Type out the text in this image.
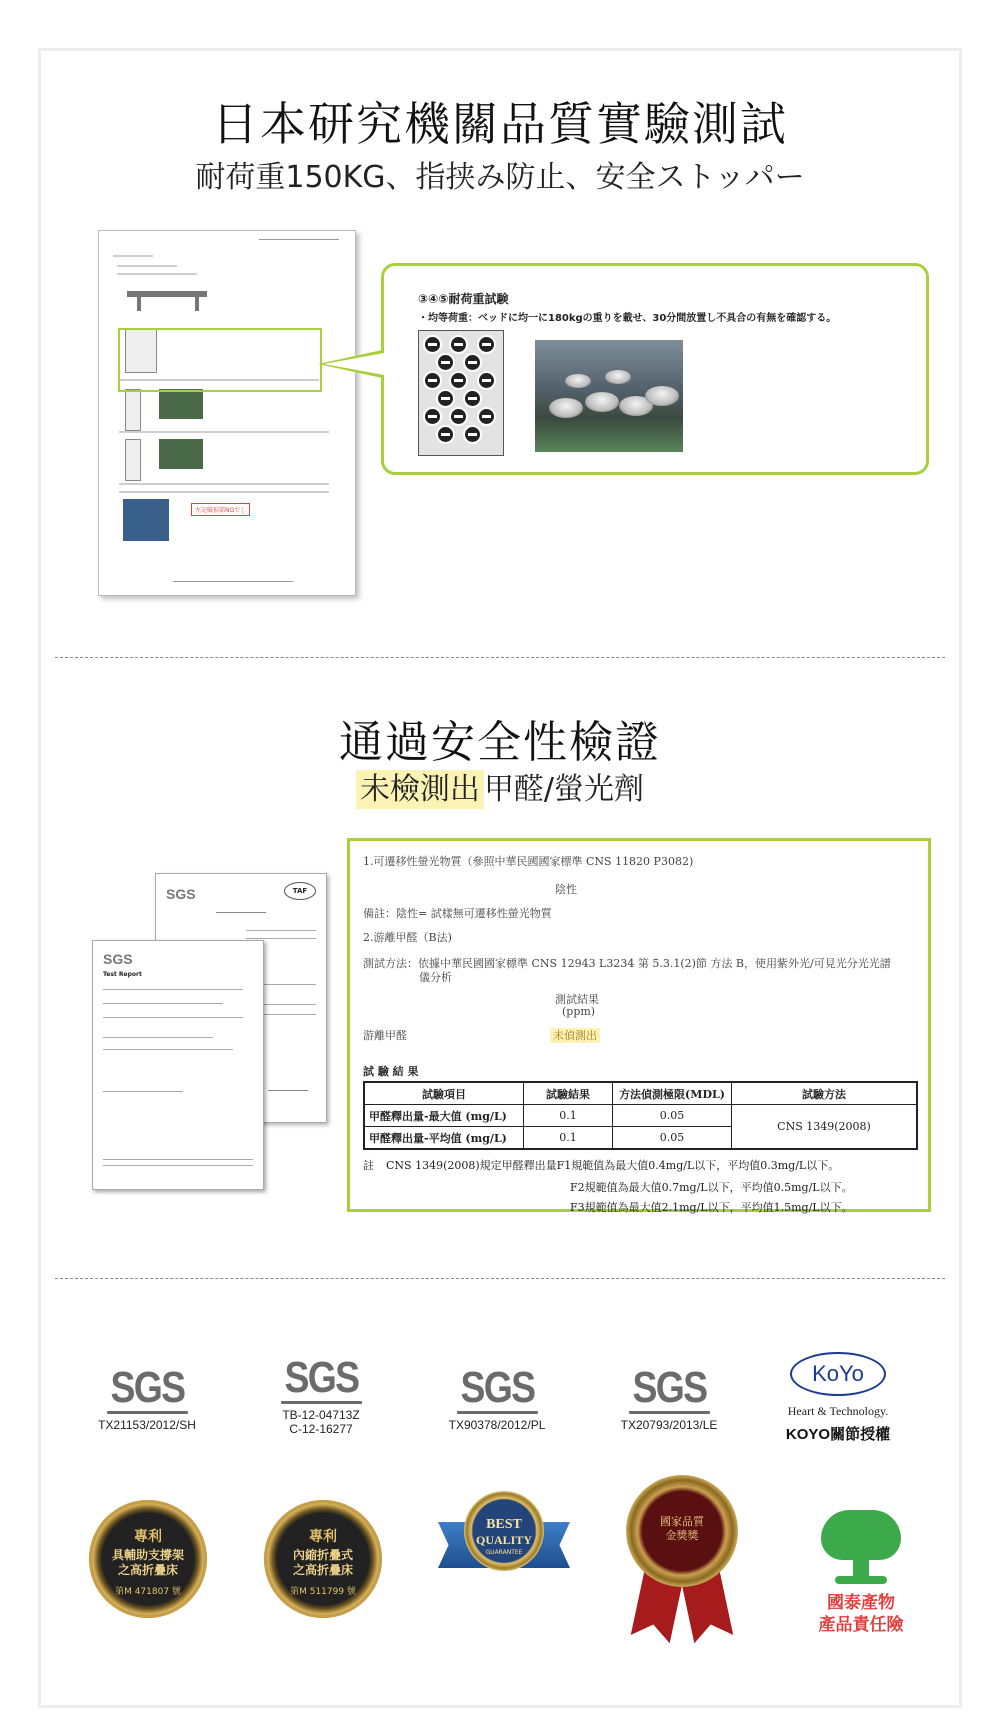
日本研究機關品質實驗測試
耐荷重150KG、指挟み防止、安全ストッパー
左記破損部NGでし
③④⑤耐荷重試験
・均等荷重：ベッドに均一に180kgの重りを載せ、30分間放置し不具合の有無を確認する。
通過安全性檢證
未檢測出 甲醛/螢光劑
SGS	TAF
SGS
Test Report
1.可遷移性螢光物質（參照中華民國國家標準 CNS 11820 P3082)
陰性
備註：陰性= 試樣無可遷移性螢光物質
2.游離甲醛（B法)
測試方法：依據中華民國國家標準 CNS 12943 L3234 第 5.3.1(2)節 方法 B，使用紫外光/可見光分光光譜
儀分析
測試結果
(ppm)
游離甲醛	未偵測出
試 驗 結 果
試驗項目	試驗結果	方法偵測極限(MDL)	試驗方法
甲醛釋出量-最大值 (mg/L)	0.1	0.05	CNS 1349(2008)
甲醛釋出量-平均值 (mg/L)	0.1	0.05	
註 CNS 1349(2008)規定甲醛釋出量F1規範值為最大值0.4mg/L以下，平均值0.3mg/L以下。
F2規範值為最大值0.7mg/L以下，平均值0.5mg/L以下。
F3規範值為最大值2.1mg/L以下，平均值1.5mg/L以下。
SGS
TX21153/2012/SH
SGS
TB-12-04713Z
C-12-16277
SGS
TX90378/2012/PL
SGS
TX20793/2013/LE
KoYo
Heart & Technology.
KOYO關節授權
專利
具輔助支撐架
之高折疊床
第M 471807 號
專利
內縮折疊式
之高折疊床
第M 511799 號
BEST
QUALITY
GUARANTEE
國家品質
金獎獎
國泰產物
產品責任險
